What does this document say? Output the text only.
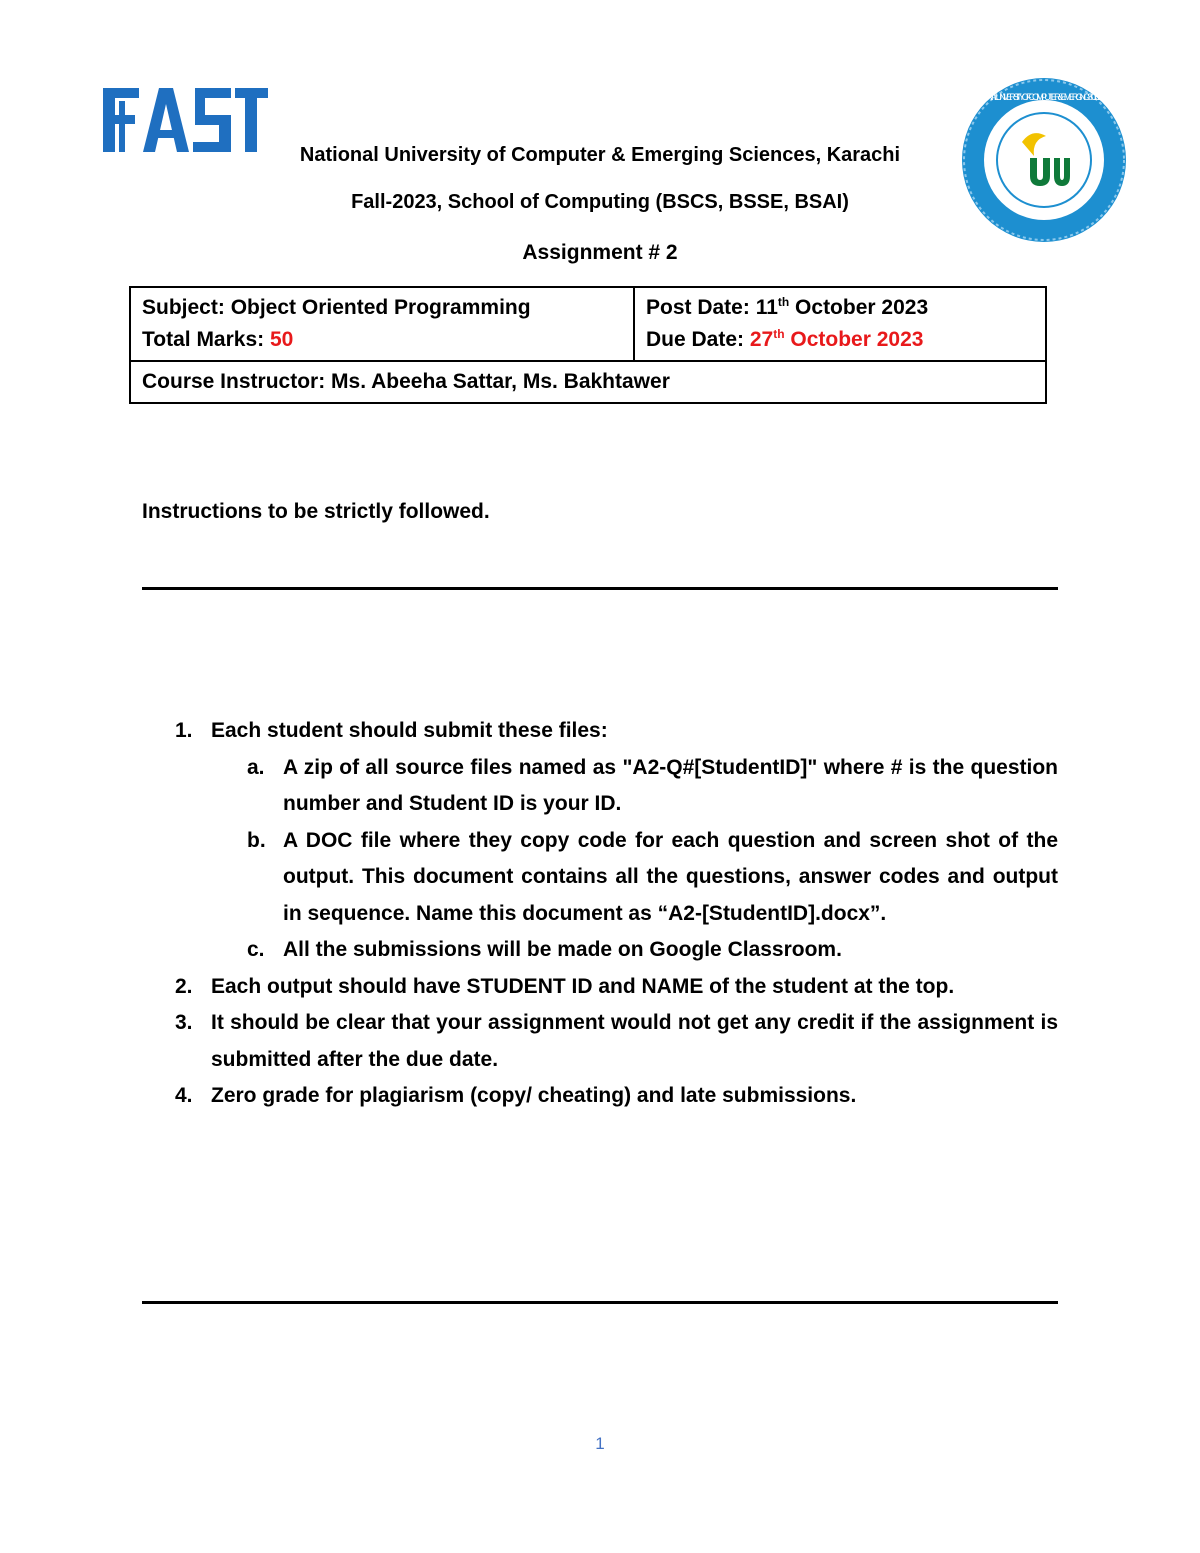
NATIONAL UNIVERSITY OF COMPUTER & EMERGING SCIENCES
National University of Computer & Emerging Sciences, Karachi
Fall-2023, School of Computing (BSCS, BSSE, BSAI)
Assignment # 2
Subject: Object Oriented Programming
Total Marks: 50

Post Date: 11th October 2023
Due Date: 27th October 2023

Course Instructor: Ms. Abeeha Sattar, Ms. Bakhtawer
Instructions to be strictly followed.
1. Each student should submit these files:
a. A zip of all source files named as "A2-Q#[StudentID]" where # is the question number and Student ID is your ID.
b. A DOC file where they copy code for each question and screen shot of the output. This document contains all the questions, answer codes and output in sequence. Name this document as “A2-[StudentID].docx”.
c. All the submissions will be made on Google Classroom.
2. Each output should have STUDENT ID and NAME of the student at the top.
3. It should be clear that your assignment would not get any credit if the assignment is submitted after the due date.
4. Zero grade for plagiarism (copy/ cheating) and late submissions.
1
